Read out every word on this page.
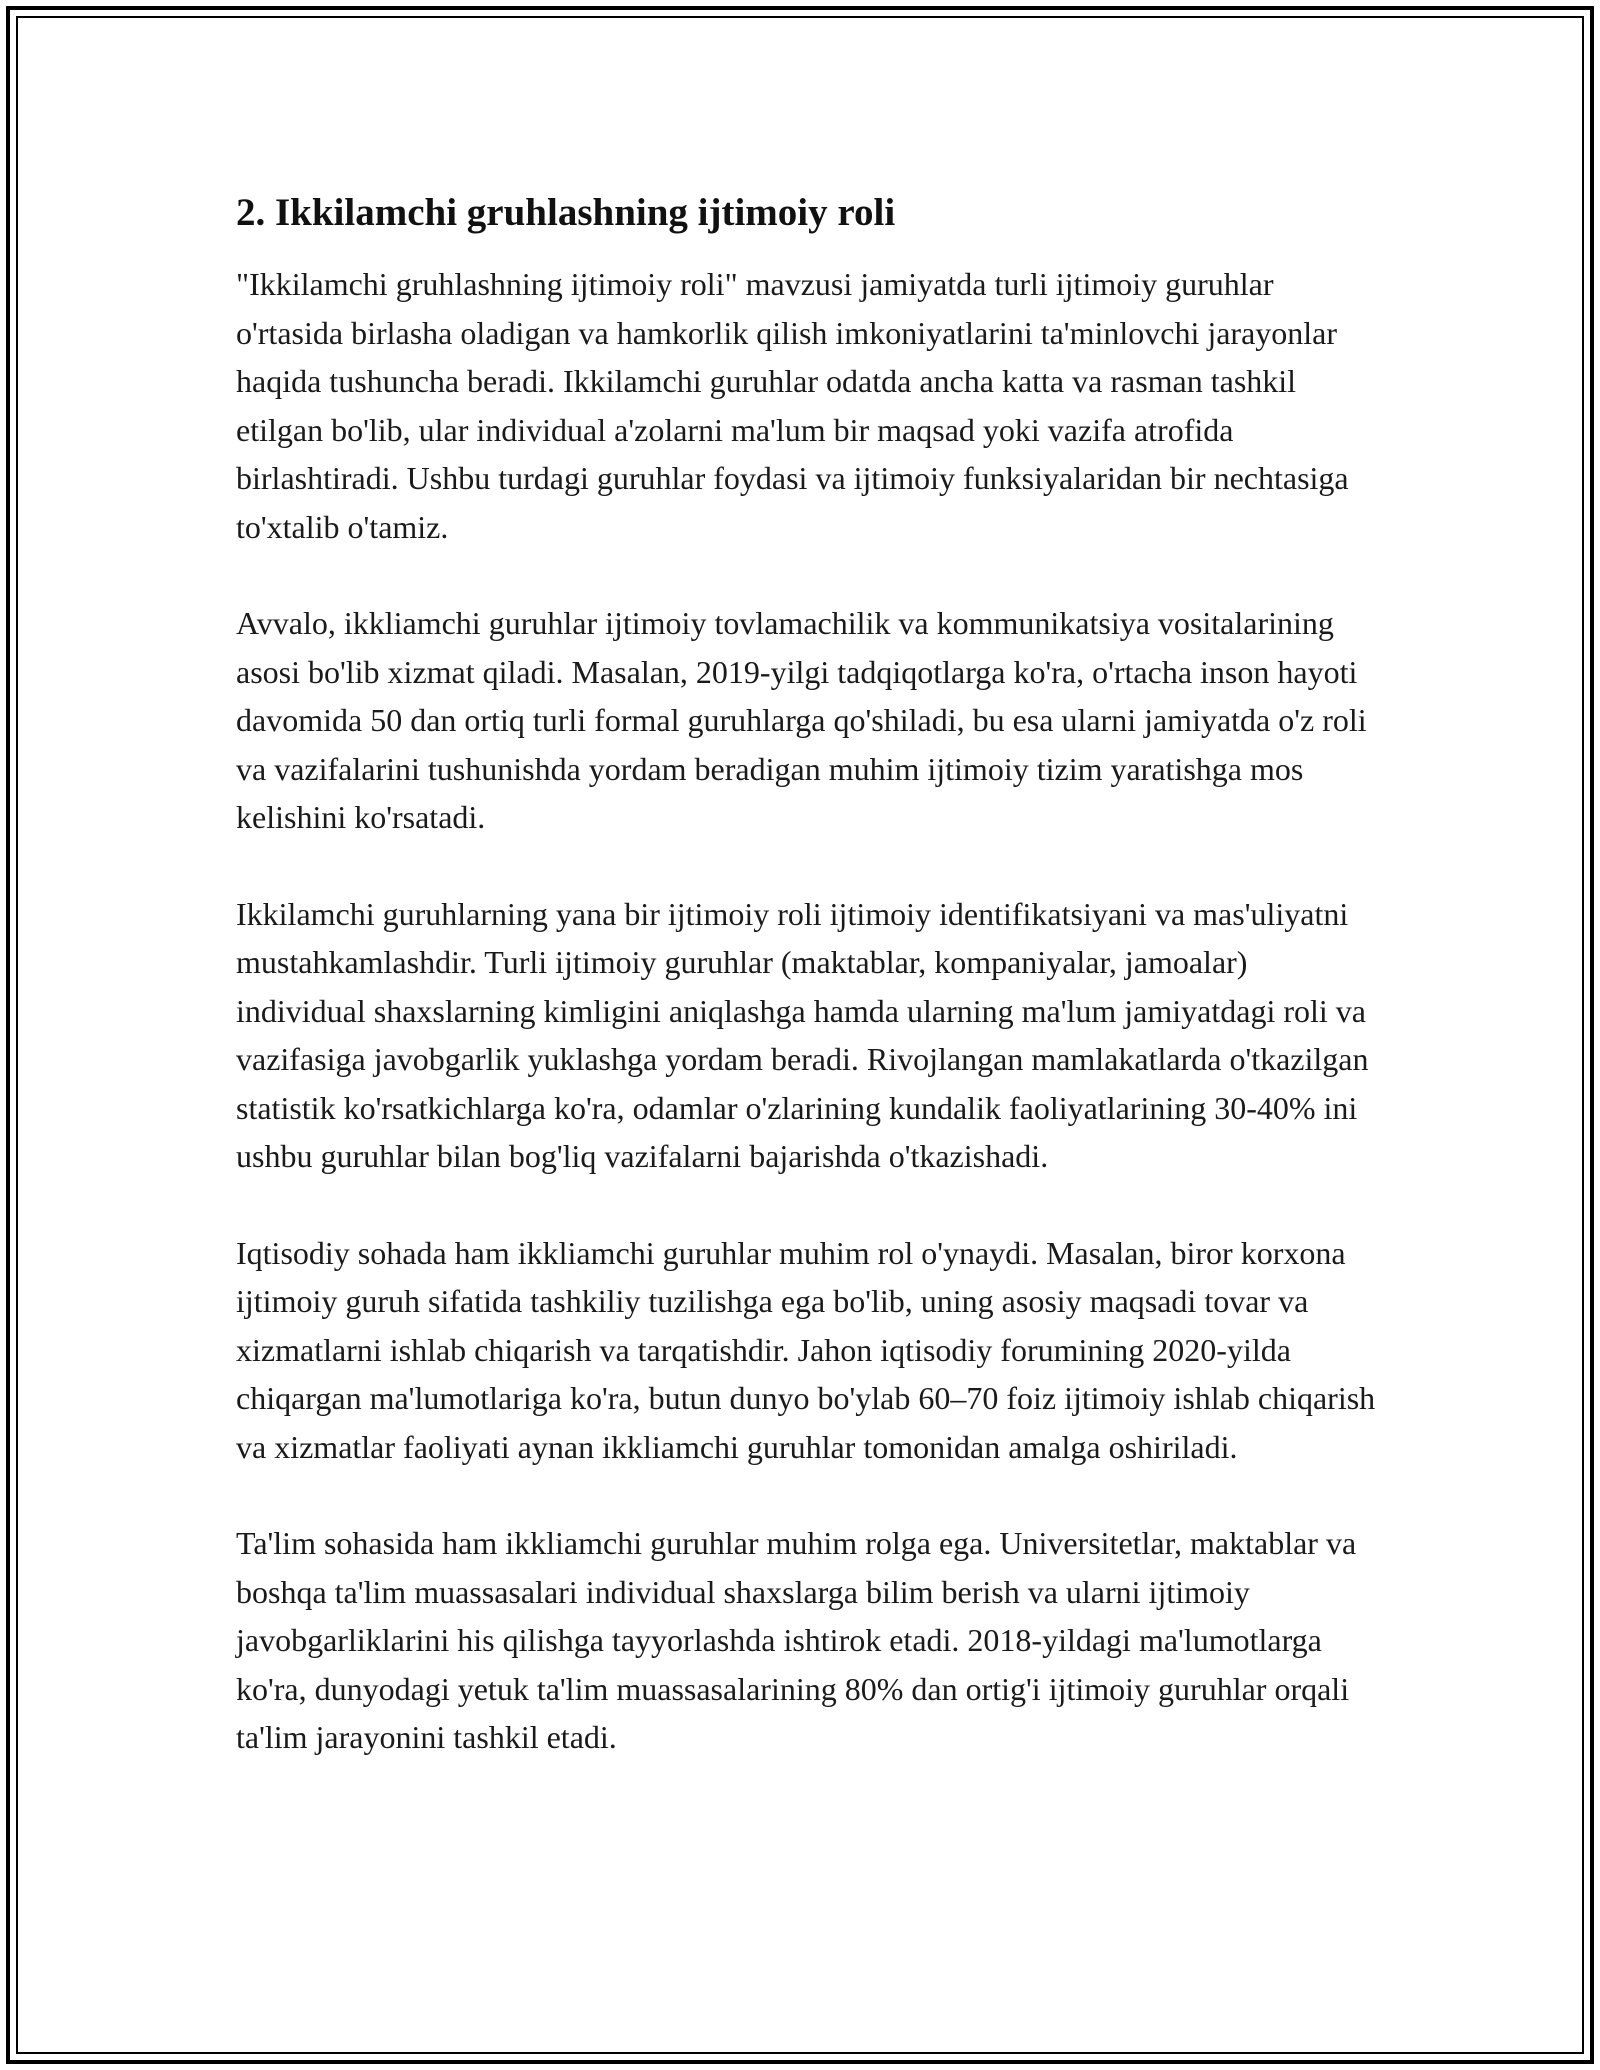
2. Ikkilamchi gruhlashning ijtimoiy roli

"Ikkilamchi gruhlashning ijtimoiy roli" mavzusi jamiyatda turli ijtimoiy guruhlar o'rtasida birlasha oladigan va hamkorlik qilish imkoniyatlarini ta'minlovchi jarayonlar haqida tushuncha beradi. Ikkilamchi guruhlar odatda ancha katta va rasman tashkil etilgan bo'lib, ular individual a'zolarni ma'lum bir maqsad yoki vazifa atrofida birlashtiradi. Ushbu turdagi guruhlar foydasi va ijtimoiy funksiyalaridan bir nechtasiga to'xtalib o'tamiz.

Avvalo, ikkliamchi guruhlar ijtimoiy tovlamachilik va kommunikatsiya vositalarining asosi bo'lib xizmat qiladi. Masalan, 2019-yilgi tadqiqotlarga ko'ra, o'rtacha inson hayoti davomida 50 dan ortiq turli formal guruhlarga qo'shiladi, bu esa ularni jamiyatda o'z roli va vazifalarini tushunishda yordam beradigan muhim ijtimoiy tizim yaratishga mos kelishini ko'rsatadi.

Ikkilamchi guruhlarning yana bir ijtimoiy roli ijtimoiy identifikatsiyani va mas'uliyatni mustahkamlashdir. Turli ijtimoiy guruhlar (maktablar, kompaniyalar, jamoalar) individual shaxslarning kimligini aniqlashga hamda ularning ma'lum jamiyatdagi roli va vazifasiga javobgarlik yuklashga yordam beradi. Rivojlangan mamlakatlarda o'tkazilgan statistik ko'rsatkichlarga ko'ra, odamlar o'zlarining kundalik faoliyatlarining 30-40% ini ushbu guruhlar bilan bog'liq vazifalarni bajarishda o'tkazishadi.

Iqtisodiy sohada ham ikkliamchi guruhlar muhim rol o'ynaydi. Masalan, biror korxona ijtimoiy guruh sifatida tashkiliy tuzilishga ega bo'lib, uning asosiy maqsadi tovar va xizmatlarni ishlab chiqarish va tarqatishdir. Jahon iqtisodiy forumining 2020-yilda chiqargan ma'lumotlariga ko'ra, butun dunyo bo'ylab 60–70 foiz ijtimoiy ishlab chiqarish va xizmatlar faoliyati aynan ikkliamchi guruhlar tomonidan amalga oshiriladi.

Ta'lim sohasida ham ikkliamchi guruhlar muhim rolga ega. Universitetlar, maktablar va boshqa ta'lim muassasalari individual shaxslarga bilim berish va ularni ijtimoiy javobgarliklarini his qilishga tayyorlashda ishtirok etadi. 2018-yildagi ma'lumotlarga ko'ra, dunyodagi yetuk ta'lim muassasalarining 80% dan ortig'i ijtimoiy guruhlar orqali ta'lim jarayonini tashkil etadi.
